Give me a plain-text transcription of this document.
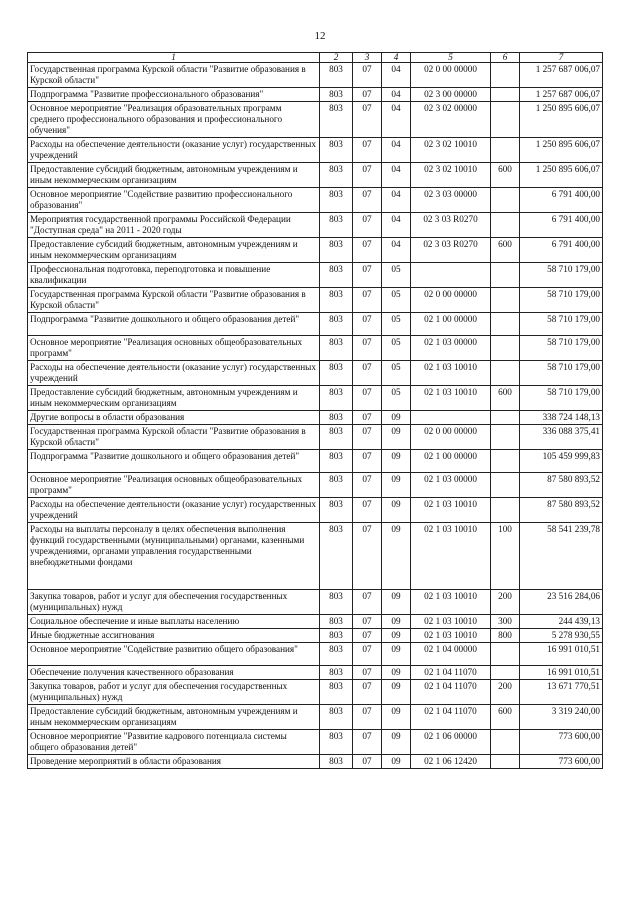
12
1	2	3	4	5	6	7
Государственная программа Курской области "Развитие образования в Курской области"	803	07	04	02 0 00 00000		1 257 687 006,07
Подпрограмма "Развитие профессионального образования"	803	07	04	02 3 00 00000		1 257 687 006,07
Основное мероприятие "Реализация образовательных программ среднего профессионального образования и профессионального обучения"	803	07	04	02 3 02 00000		1 250 895 606,07
Расходы на обеспечение деятельности (оказание услуг) государственных учреждений	803	07	04	02 3 02 10010		1 250 895 606,07
Предоставление субсидий бюджетным, автономным учреждениям и иным некоммерческим организациям	803	07	04	02 3 02 10010	600	1 250 895 606,07
Основное мероприятие "Содействие развитию профессионального образования"	803	07	04	02 3 03 00000		6 791 400,00
Мероприятия государственной программы Российской Федерации "Доступная среда" на 2011 - 2020 годы	803	07	04	02 3 03 R0270		6 791 400,00
Предоставление субсидий бюджетным, автономным учреждениям и иным некоммерческим организациям	803	07	04	02 3 03 R0270	600	6 791 400,00
Профессиональная подготовка, переподготовка и повышение квалификации	803	07	05			58 710 179,00
Государственная программа Курской области "Развитие образования в Курской области"	803	07	05	02 0 00 00000		58 710 179,00
Подпрограмма "Развитие дошкольного и общего образования детей"	803	07	05	02 1 00 00000		58 710 179,00
Основное мероприятие "Реализация основных общеобразовательных программ"	803	07	05	02 1 03 00000		58 710 179,00
Расходы на обеспечение деятельности (оказание услуг) государственных учреждений	803	07	05	02 1 03 10010		58 710 179,00
Предоставление субсидий бюджетным, автономным учреждениям и иным некоммерческим организациям	803	07	05	02 1 03 10010	600	58 710 179,00
Другие вопросы в области образования	803	07	09			338 724 148,13
Государственная программа Курской области "Развитие образования в Курской области"	803	07	09	02 0 00 00000		336 088 375,41
Подпрограмма "Развитие дошкольного и общего образования детей"	803	07	09	02 1 00 00000		105 459 999,83
Основное мероприятие "Реализация основных общеобразовательных программ"	803	07	09	02 1 03 00000		87 580 893,52
Расходы на обеспечение деятельности (оказание услуг) государственных учреждений	803	07	09	02 1 03 10010		87 580 893,52
Расходы на выплаты персоналу в целях обеспечения выполнения функций государственными (муниципальными) органами, казенными учреждениями, органами управления государственными внебюджетными фондами	803	07	09	02 1 03 10010	100	58 541 239,78
Закупка товаров, работ и услуг для обеспечения государственных (муниципальных) нужд	803	07	09	02 1 03 10010	200	23 516 284,06
Социальное обеспечение и иные выплаты населению	803	07	09	02 1 03 10010	300	244 439,13
Иные бюджетные ассигнования	803	07	09	02 1 03 10010	800	5 278 930,55
Основное мероприятие "Содействие развитию общего образования"	803	07	09	02 1 04 00000		16 991 010,51
Обеспечение получения качественного образования	803	07	09	02 1 04 11070		16 991 010,51
Закупка товаров, работ и услуг для обеспечения государственных (муниципальных) нужд	803	07	09	02 1 04 11070	200	13 671 770,51
Предоставление субсидий бюджетным, автономным учреждениям и иным некоммерческим организациям	803	07	09	02 1 04 11070	600	3 319 240,00
Основное мероприятие "Развитие кадрового потенциала системы общего образования детей"	803	07	09	02 1 06 00000		773 600,00
Проведение мероприятий в области образования	803	07	09	02 1 06 12420		773 600,00
